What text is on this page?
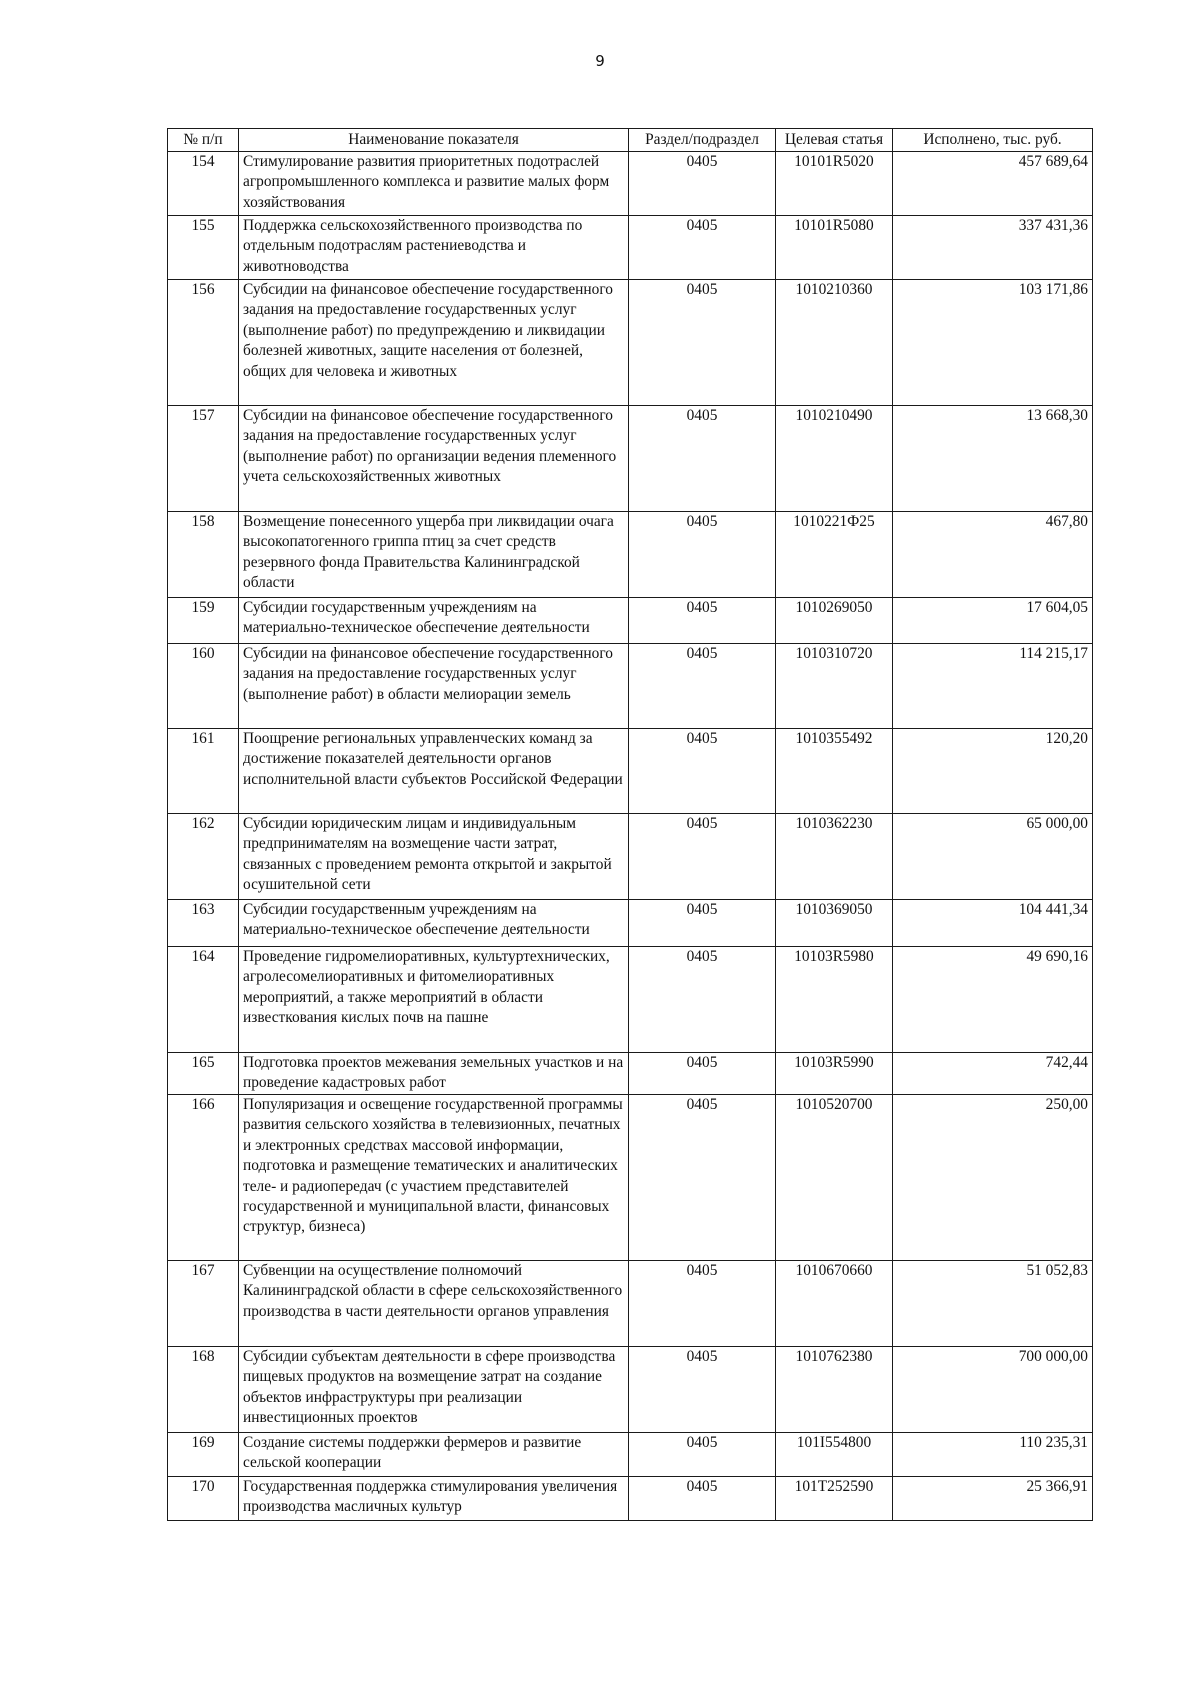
9
№ п/п	Наименование показателя	Раздел/подраздел	Целевая статья	Исполнено, тыс. руб.
154	Стимулирование развития приоритетных подотраслей агропромышленного комплекса и развитие малых форм хозяйствования	0405	10101R5020	457 689,64
155	Поддержка сельскохозяйственного производства по отдельным подотраслям растениеводства и животноводства	0405	10101R5080	337 431,36
156	Субсидии на финансовое обеспечение государственного задания на предоставление государственных услуг (выполнение работ) по предупреждению и ликвидации болезней животных, защите населения от болезней, общих для человека и животных	0405	1010210360	103 171,86
157	Субсидии на финансовое обеспечение государственного задания на предоставление государственных услуг (выполнение работ) по организации ведения племенного учета сельскохозяйственных животных	0405	1010210490	13 668,30
158	Возмещение понесенного ущерба при ликвидации очага высокопатогенного гриппа птиц за счет средств резервного фонда Правительства Калининградской области	0405	1010221Ф25	467,80
159	Субсидии государственным учреждениям на материально-техническое обеспечение деятельности	0405	1010269050	17 604,05
160	Субсидии на финансовое обеспечение государственного задания на предоставление государственных услуг (выполнение работ) в области мелиорации земель	0405	1010310720	114 215,17
161	Поощрение региональных управленческих команд за достижение показателей деятельности органов исполнительной власти субъектов Российской Федерации	0405	1010355492	120,20
162	Субсидии юридическим лицам и индивидуальным предпринимателям на возмещение части затрат, связанных с проведением ремонта открытой и закрытой осушительной сети	0405	1010362230	65 000,00
163	Субсидии государственным учреждениям на материально-техническое обеспечение деятельности	0405	1010369050	104 441,34
164	Проведение гидромелиоративных, культуртехнических, агролесомелиоративных и фитомелиоративных мероприятий, а также мероприятий в области известкования кислых почв на пашне	0405	10103R5980	49 690,16
165	Подготовка проектов межевания земельных участков и на проведение кадастровых работ	0405	10103R5990	742,44
166	Популяризация и освещение государственной программы развития сельского хозяйства в телевизионных, печатных и электронных средствах массовой информации, подготовка и размещение тематических и аналитических теле- и радиопередач (с участием представителей государственной и муниципальной власти, финансовых структур, бизнеса)	0405	1010520700	250,00
167	Субвенции на осуществление полномочий Калининградской области в сфере сельскохозяйственного производства в части деятельности органов управления	0405	1010670660	51 052,83
168	Субсидии субъектам деятельности в сфере производства пищевых продуктов на возмещение затрат на создание объектов инфраструктуры при реализации инвестиционных проектов	0405	1010762380	700 000,00
169	Создание системы поддержки фермеров и развитие сельской кооперации	0405	101I554800	110 235,31
170	Государственная поддержка стимулирования увеличения производства масличных культур	0405	101T252590	25 366,91
